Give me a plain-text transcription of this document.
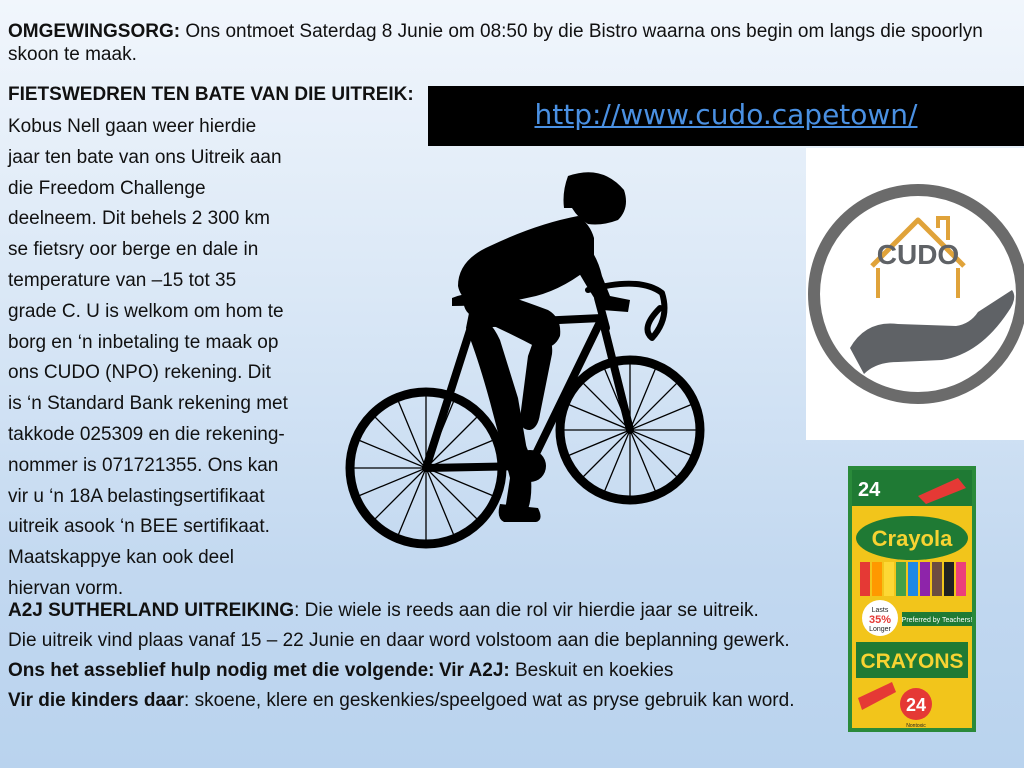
OMGEWINGSORG: Ons ontmoet Saterdag 8 Junie om 08:50 by die Bistro waarna ons begin om langs die spoorlyn skoon te maak.
FIETSWEDREN TEN BATE VAN DIE UITREIK:
Kobus Nell gaan weer hierdie jaar ten bate van ons Uitreik aan die Freedom Challenge deelneem. Dit behels 2 300 km se fietsry oor berge en dale in temperature van –15 tot 35 grade C. U is welkom om hom te borg en ‘n inbetaling te maak op ons CUDO (NPO) rekening. Dit is ‘n Standard Bank rekening met takkode 025309 en die rekening- nommer is 071721355. Ons kan vir u ‘n 18A belastingsertifikaat uitreik asook ‘n BEE sertifikaat. Maatskappye kan ook deel hiervan vorm.
http://www.cudo.capetown/
CUDO
24
Crayola
Lasts
35%
Longer
Preferred by Teachers!
CRAYONS
24
Nontoxic
A2J SUTHERLAND UITREIKING: Die wiele is reeds aan die rol vir hierdie jaar se uitreik. Die uitreik vind plaas vanaf 15 – 22 Junie en daar word volstoom aan die beplanning gewerk. Ons het asseblief hulp nodig met die volgende: Vir A2J: Beskuit en koekies Vir die kinders daar: skoene, klere en geskenkies/speelgoed wat as pryse gebruik kan word.
